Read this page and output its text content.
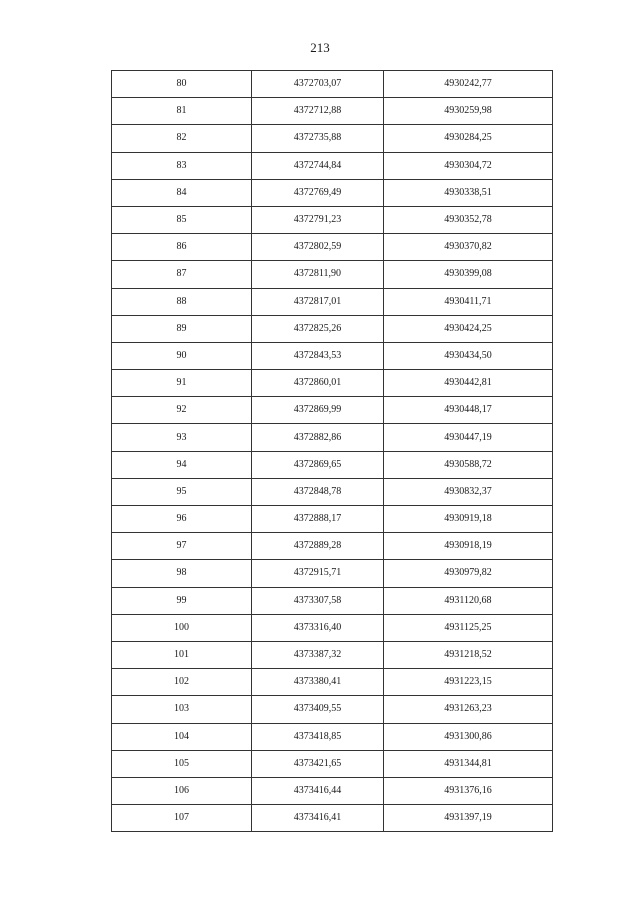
213
80	4372703,07	4930242,77
81	4372712,88	4930259,98
82	4372735,88	4930284,25
83	4372744,84	4930304,72
84	4372769,49	4930338,51
85	4372791,23	4930352,78
86	4372802,59	4930370,82
87	4372811,90	4930399,08
88	4372817,01	4930411,71
89	4372825,26	4930424,25
90	4372843,53	4930434,50
91	4372860,01	4930442,81
92	4372869,99	4930448,17
93	4372882,86	4930447,19
94	4372869,65	4930588,72
95	4372848,78	4930832,37
96	4372888,17	4930919,18
97	4372889,28	4930918,19
98	4372915,71	4930979,82
99	4373307,58	4931120,68
100	4373316,40	4931125,25
101	4373387,32	4931218,52
102	4373380,41	4931223,15
103	4373409,55	4931263,23
104	4373418,85	4931300,86
105	4373421,65	4931344,81
106	4373416,44	4931376,16
107	4373416,41	4931397,19
